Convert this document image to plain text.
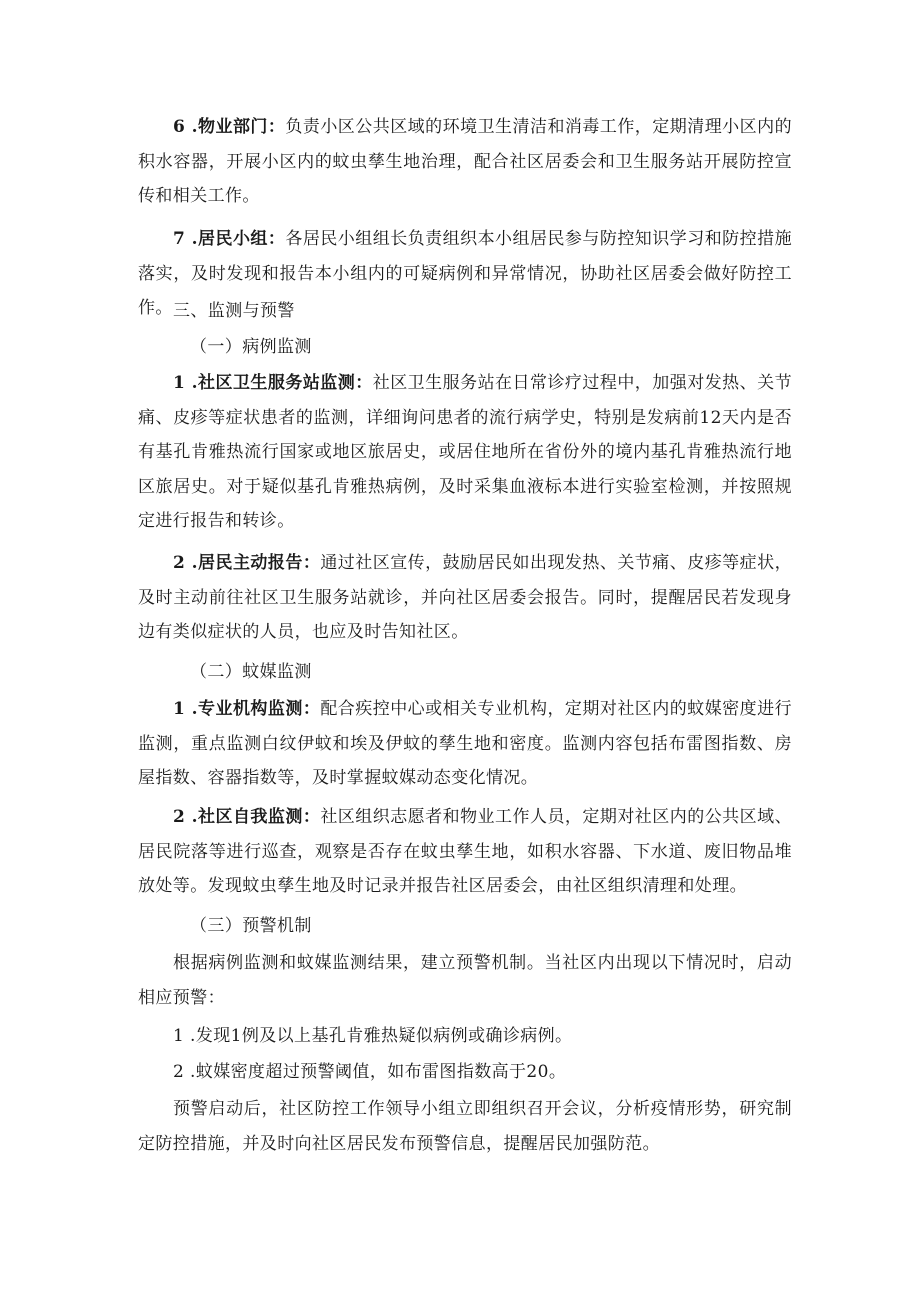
6 .物业部门：负责小区公共区域的环境卫生清洁和消毒工作，定期清理小区内的积水容器，开展小区内的蚊虫孳生地治理，配合社区居委会和卫生服务站开展防控宣传和相关工作。

7 .居民小组：各居民小组组长负责组织本小组居民参与防控知识学习和防控措施落实，及时发现和报告本小组内的可疑病例和异常情况，协助社区居委会做好防控工作。 三、监测与预警

（一）病例监测

1 .社区卫生服务站监测：社区卫生服务站在日常诊疗过程中，加强对发热、关节痛、皮疹等症状患者的监测，详细询问患者的流行病学史，特别是发病前12天内是否有基孔肯雅热流行国家或地区旅居史，或居住地所在省份外的境内基孔肯雅热流行地区旅居史。对于疑似基孔肯雅热病例，及时采集血液标本进行实验室检测，并按照规定进行报告和转诊。

2 .居民主动报告：通过社区宣传，鼓励居民如出现发热、关节痛、皮疹等症状，及时主动前往社区卫生服务站就诊，并向社区居委会报告。同时，提醒居民若发现身边有类似症状的人员，也应及时告知社区。

（二）蚊媒监测

1 .专业机构监测：配合疾控中心或相关专业机构，定期对社区内的蚊媒密度进行监测，重点监测白纹伊蚊和埃及伊蚊的孳生地和密度。监测内容包括布雷图指数、房屋指数、容器指数等，及时掌握蚊媒动态变化情况。

2 .社区自我监测：社区组织志愿者和物业工作人员，定期对社区内的公共区域、居民院落等进行巡查，观察是否存在蚊虫孳生地，如积水容器、下水道、废旧物品堆放处等。发现蚊虫孳生地及时记录并报告社区居委会，由社区组织清理和处理。

（三）预警机制

根据病例监测和蚊媒监测结果，建立预警机制。当社区内出现以下情况时，启动相应预警：

1 .发现1例及以上基孔肯雅热疑似病例或确诊病例。

2 .蚊媒密度超过预警阈值，如布雷图指数高于20。

预警启动后，社区防控工作领导小组立即组织召开会议，分析疫情形势，研究制定防控措施，并及时向社区居民发布预警信息，提醒居民加强防范。
